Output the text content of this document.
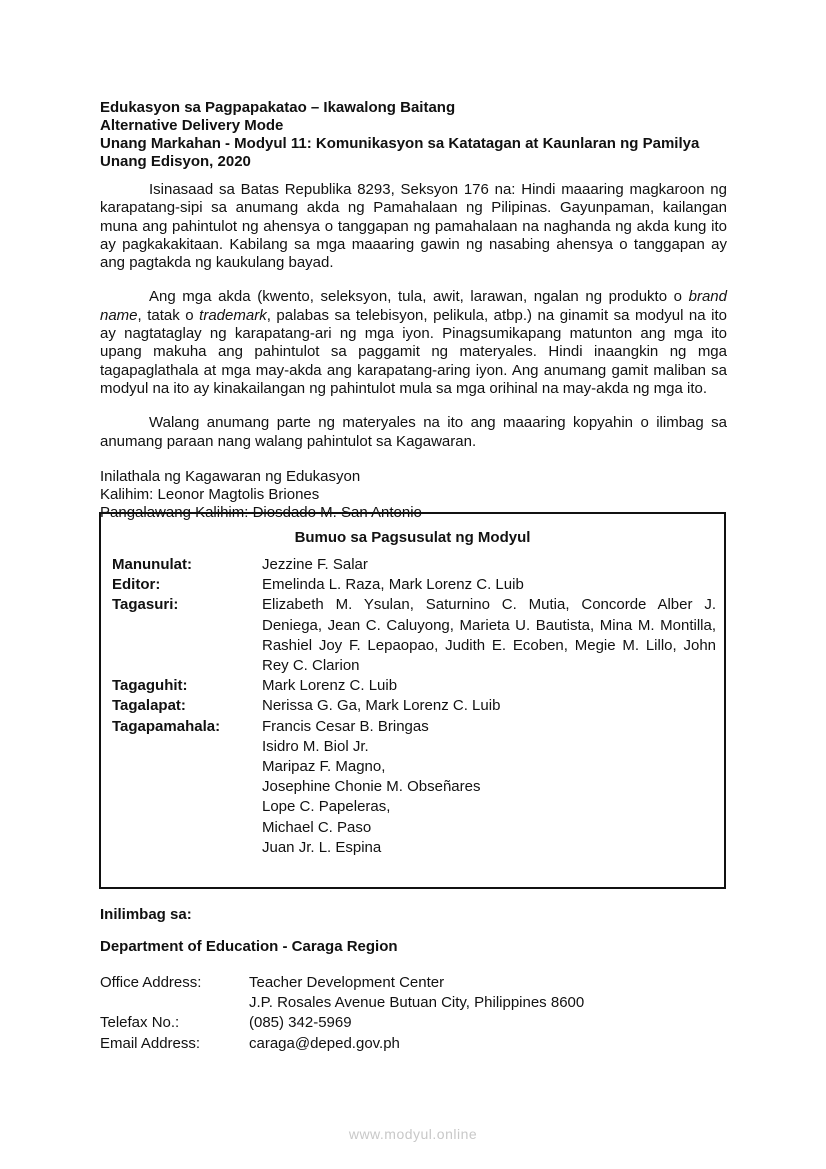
Edukasyon sa Pagpapakatao – Ikawalong Baitang
Alternative Delivery Mode
Unang Markahan - Modyul 11: Komunikasyon sa Katatagan at Kaunlaran ng Pamilya
Unang Edisyon, 2020

Isinasaad sa Batas Republika 8293, Seksyon 176 na: Hindi maaaring magkaroon ng karapatang-sipi sa anumang akda ng Pamahalaan ng Pilipinas. Gayunpaman, kailangan muna ang pahintulot ng ahensya o tanggapan ng pamahalaan na naghanda ng akda kung ito ay pagkakakitaan. Kabilang sa mga maaaring gawin ng nasabing ahensya o tanggapan ay ang pagtakda ng kaukulang bayad.

Ang mga akda (kwento, seleksyon, tula, awit, larawan, ngalan ng produkto o brand name, tatak o trademark, palabas sa telebisyon, pelikula, atbp.) na ginamit sa modyul na ito ay nagtataglay ng karapatang-ari ng mga iyon. Pinagsumikapang matunton ang mga ito upang makuha ang pahintulot sa paggamit ng materyales. Hindi inaangkin ng mga tagapaglathala at mga may-akda ang karapatang-aring iyon. Ang anumang gamit maliban sa modyul na ito ay kinakailangan ng pahintulot mula sa mga orihinal na may-akda ng mga ito.

Walang anumang parte ng materyales na ito ang maaaring kopyahin o ilimbag sa anumang paraan nang walang pahintulot sa Kagawaran.

Inilathala ng Kagawaran ng Edukasyon
Kalihim: Leonor Magtolis Briones
Pangalawang Kalihim: Diosdado M. San Antonio
Bumuo sa Pagsusulat ng Modyul
Manunulat:	Jezzine F. Salar
Editor:	Emelinda L. Raza, Mark Lorenz C. Luib
Tagasuri:	Elizabeth M. Ysulan, Saturnino C. Mutia, Concorde Alber J. Deniega, Jean C. Caluyong, Marieta U. Bautista, Mina M. Montilla, Rashiel Joy F. Lepaopao, Judith E. Ecoben, Megie M. Lillo, John Rey C. Clarion
Tagaguhit:	Mark Lorenz C. Luib
Tagalapat:	Nerissa G. Ga, Mark Lorenz C. Luib
Tagapamahala:	Francis Cesar B. Bringas
Isidro M. Biol Jr.
Maripaz F. Magno,
Josephine Chonie M. Obseñares
Lope C. Papeleras,
Michael C. Paso
Juan Jr. L. Espina
Inilimbag sa:
Department of Education - Caraga Region
Office Address:	Teacher Development Center
J.P. Rosales Avenue Butuan City, Philippines 8600
Telefax No.:	(085) 342-5969
Email Address:	caraga@deped.gov.ph
www.modyul.online
